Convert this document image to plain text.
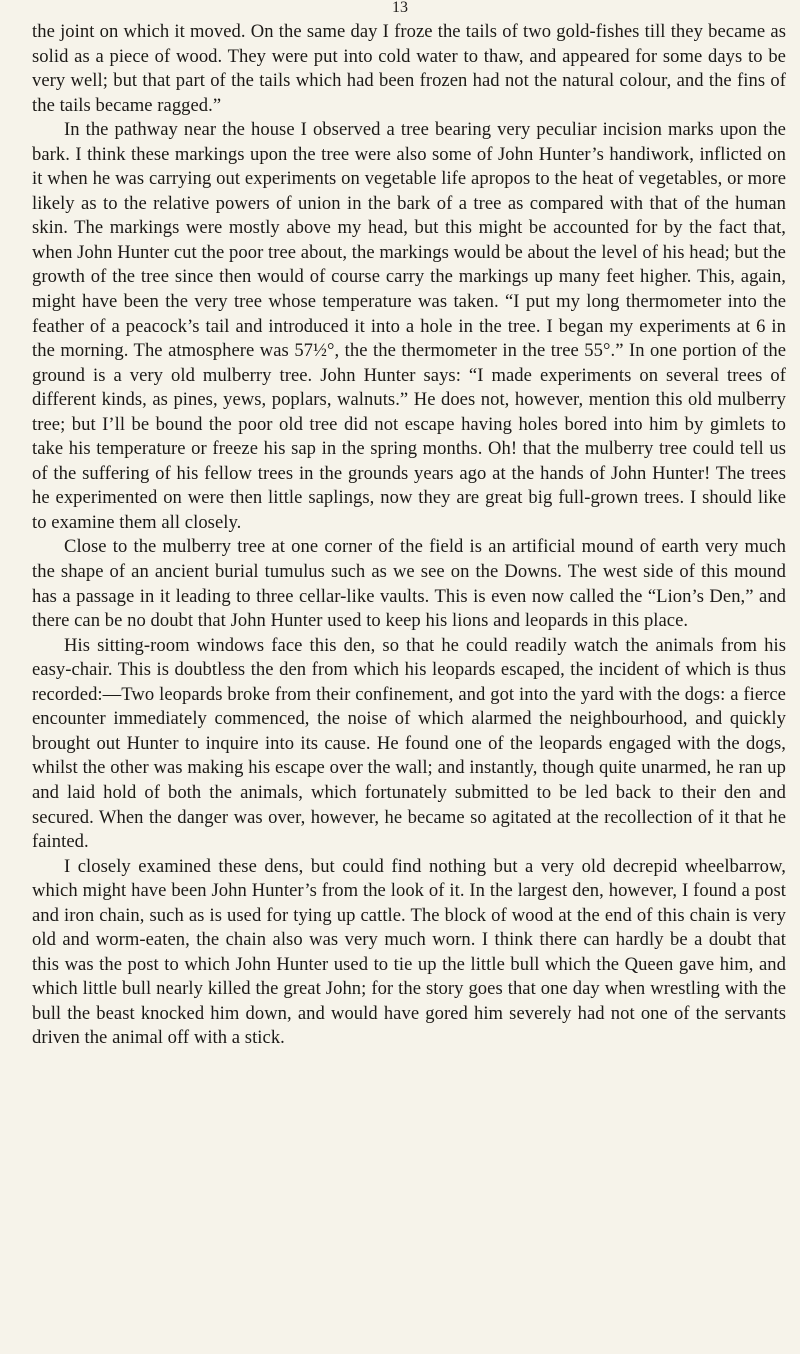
13

the joint on which it moved. On the same day I froze the tails of two gold-fishes till they became as solid as a piece of wood. They were put into cold water to thaw, and appeared for some days to be very well; but that part of the tails which had been frozen had not the natural colour, and the fins of the tails became ragged.”

In the pathway near the house I observed a tree bearing very peculiar incision marks upon the bark. I think these markings upon the tree were also some of John Hunter’s handiwork, inflicted on it when he was carrying out experiments on vegetable life apropos to the heat of vegetables, or more likely as to the relative powers of union in the bark of a tree as compared with that of the human skin. The markings were mostly above my head, but this might be accounted for by the fact that, when John Hunter cut the poor tree about, the markings would be about the level of his head; but the growth of the tree since then would of course carry the markings up many feet higher. This, again, might have been the very tree whose temperature was taken. “I put my long thermometer into the feather of a peacock’s tail and introduced it into a hole in the tree. I began my experiments at 6 in the morning. The atmosphere was 57½°, the the thermometer in the tree 55°.” In one portion of the ground is a very old mulberry tree. John Hunter says: “I made experiments on several trees of different kinds, as pines, yews, poplars, walnuts.” He does not, however, mention this old mulberry tree; but I’ll be bound the poor old tree did not escape having holes bored into him by gimlets to take his temperature or freeze his sap in the spring months. Oh! that the mulberry tree could tell us of the suffering of his fellow trees in the grounds years ago at the hands of John Hunter! The trees he experimented on were then little saplings, now they are great big full-grown trees. I should like to examine them all closely.

Close to the mulberry tree at one corner of the field is an artificial mound of earth very much the shape of an ancient burial tumulus such as we see on the Downs. The west side of this mound has a passage in it leading to three cellar-like vaults. This is even now called the “Lion’s Den,” and there can be no doubt that John Hunter used to keep his lions and leopards in this place.

His sitting-room windows face this den, so that he could readily watch the animals from his easy-chair. This is doubtless the den from which his leopards escaped, the incident of which is thus recorded:—Two leopards broke from their confinement, and got into the yard with the dogs: a fierce encounter immediately commenced, the noise of which alarmed the neighbourhood, and quickly brought out Hunter to inquire into its cause. He found one of the leopards engaged with the dogs, whilst the other was making his escape over the wall; and instantly, though quite unarmed, he ran up and laid hold of both the animals, which fortunately submitted to be led back to their den and secured. When the danger was over, however, he became so agitated at the recollection of it that he fainted.

I closely examined these dens, but could find nothing but a very old decrepid wheelbarrow, which might have been John Hunter’s from the look of it. In the largest den, however, I found a post and iron chain, such as is used for tying up cattle. The block of wood at the end of this chain is very old and worm-eaten, the chain also was very much worn. I think there can hardly be a doubt that this was the post to which John Hunter used to tie up the little bull which the Queen gave him, and which little bull nearly killed the great John; for the story goes that one day when wrestling with the bull the beast knocked him down, and would have gored him severely had not one of the servants driven the animal off with a stick.
